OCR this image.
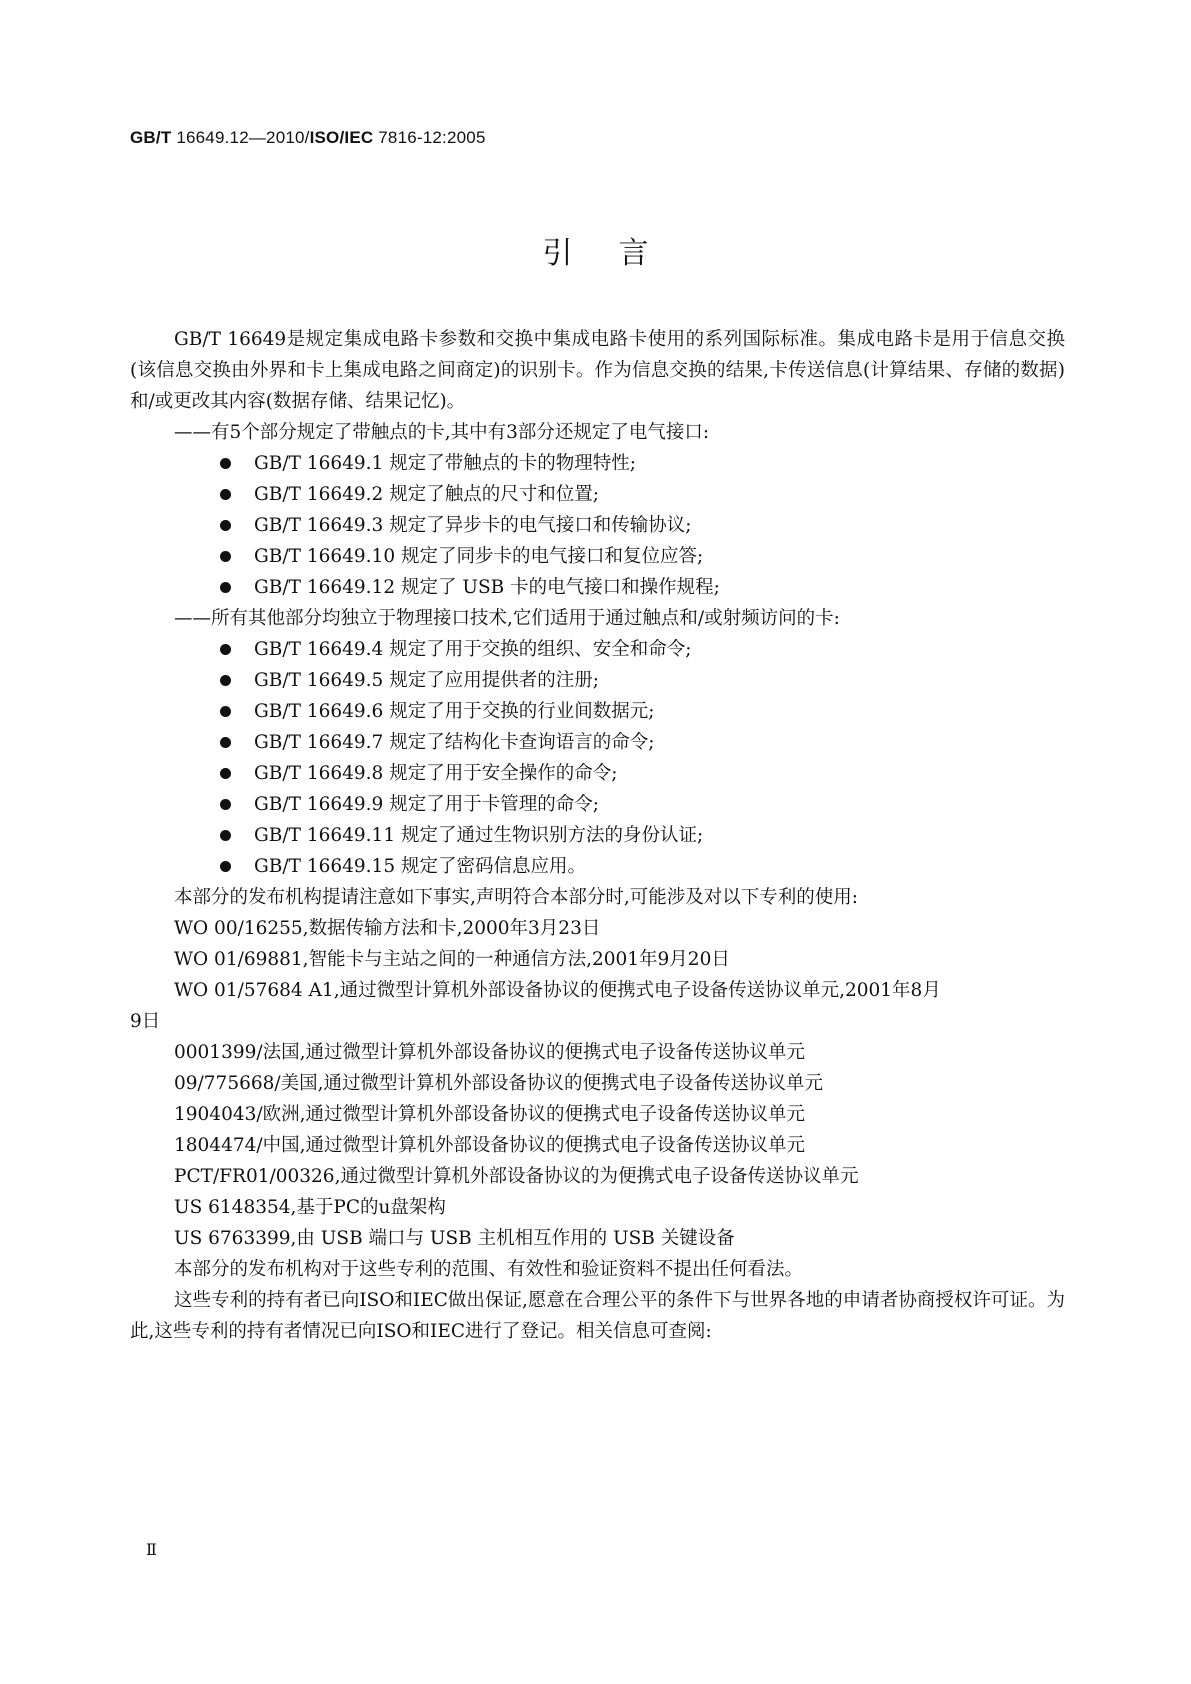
GB/T 16649.12—2010/ISO/IEC 7816-12:2005
引言

GB/T 16649是规定集成电路卡参数和交换中集成电路卡使用的系列国际标准。集成电路卡是用于信息交换(该信息交换由外界和卡上集成电路之间商定)的识别卡。作为信息交换的结果,卡传送信息(计算结果、存储的数据)和/或更改其内容(数据存储、结果记忆)。

——有5个部分规定了带触点的卡,其中有3部分还规定了电气接口:

GB/T 16649.1 规定了带触点的卡的物理特性;

GB/T 16649.2 规定了触点的尺寸和位置;

GB/T 16649.3 规定了异步卡的电气接口和传输协议;

GB/T 16649.10 规定了同步卡的电气接口和复位应答;

GB/T 16649.12 规定了 USB 卡的电气接口和操作规程;

——所有其他部分均独立于物理接口技术,它们适用于通过触点和/或射频访问的卡:

GB/T 16649.4 规定了用于交换的组织、安全和命令;

GB/T 16649.5 规定了应用提供者的注册;

GB/T 16649.6 规定了用于交换的行业间数据元;

GB/T 16649.7 规定了结构化卡查询语言的命令;

GB/T 16649.8 规定了用于安全操作的命令;

GB/T 16649.9 规定了用于卡管理的命令;

GB/T 16649.11 规定了通过生物识别方法的身份认证;

GB/T 16649.15 规定了密码信息应用。

本部分的发布机构提请注意如下事实,声明符合本部分时,可能涉及对以下专利的使用:

WO 00/16255,数据传输方法和卡,2000年3月23日

WO 01/69881,智能卡与主站之间的一种通信方法,2001年9月20日

WO 01/57684 A1,通过微型计算机外部设备协议的便携式电子设备传送协议单元,2001年8月

9日

0001399/法国,通过微型计算机外部设备协议的便携式电子设备传送协议单元

09/775668/美国,通过微型计算机外部设备协议的便携式电子设备传送协议单元

1904043/欧洲,通过微型计算机外部设备协议的便携式电子设备传送协议单元

1804474/中国,通过微型计算机外部设备协议的便携式电子设备传送协议单元

PCT/FR01/00326,通过微型计算机外部设备协议的为便携式电子设备传送协议单元

US 6148354,基于PC的u盘架构

US 6763399,由 USB 端口与 USB 主机相互作用的 USB 关键设备

本部分的发布机构对于这些专利的范围、有效性和验证资料不提出任何看法。

这些专利的持有者已向ISO和IEC做出保证,愿意在合理公平的条件下与世界各地的申请者协商授权许可证。为此,这些专利的持有者情况已向ISO和IEC进行了登记。相关信息可查阅:

Ⅱ
